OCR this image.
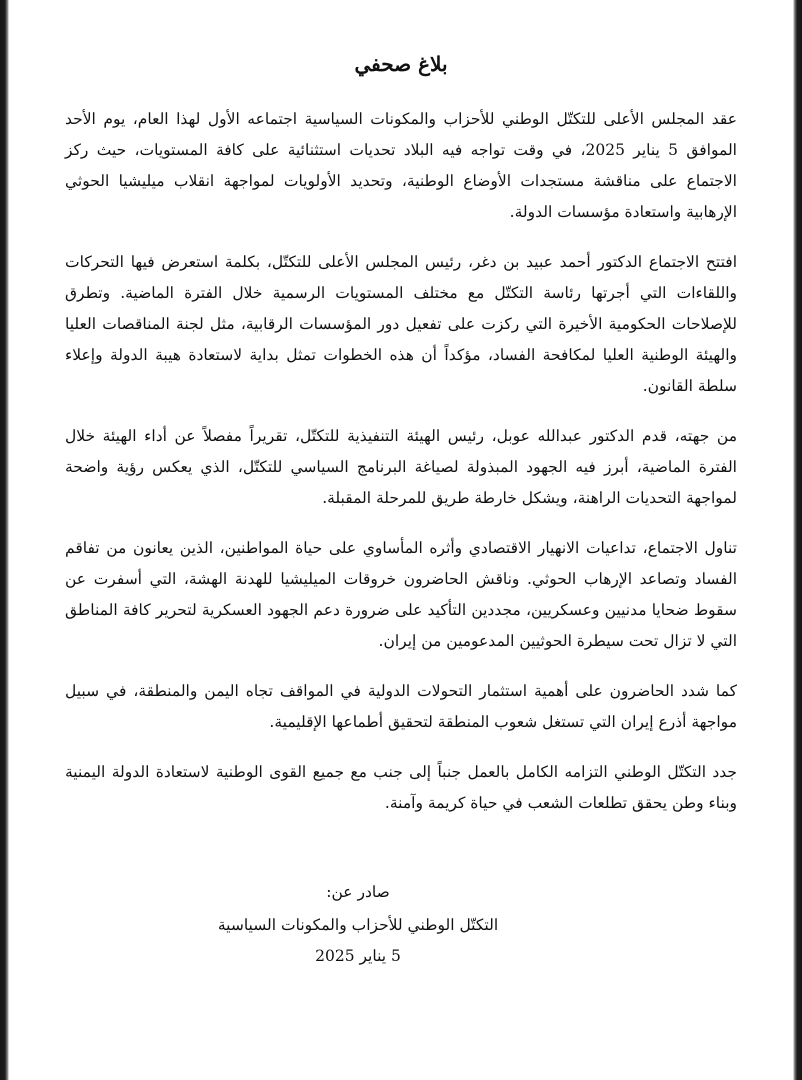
بلاغ صحفي

عقد المجلس الأعلى للتكتّل الوطني للأحزاب والمكونات السياسية اجتماعه الأول لهذا العام، يوم الأحد الموافق 5 يناير 2025، في وقت تواجه فيه البلاد تحديات استثنائية على كافة المستويات، حيث ركز الاجتماع على مناقشة مستجدات الأوضاع الوطنية، وتحديد الأولويات لمواجهة انقلاب ميليشيا الحوثي الإرهابية واستعادة مؤسسات الدولة.

افتتح الاجتماع الدكتور أحمد عبيد بن دغر، رئيس المجلس الأعلى للتكتّل، بكلمة استعرض فيها التحركات واللقاءات التي أجرتها رئاسة التكتّل مع مختلف المستويات الرسمية خلال الفترة الماضية. وتطرق للإصلاحات الحكومية الأخيرة التي ركزت على تفعيل دور المؤسسات الرقابية، مثل لجنة المناقصات العليا والهيئة الوطنية العليا لمكافحة الفساد، مؤكداً أن هذه الخطوات تمثل بداية لاستعادة هيبة الدولة وإعلاء سلطة القانون.

من جهته، قدم الدكتور عبدالله عوبل، رئيس الهيئة التنفيذية للتكتّل، تقريراً مفصلاً عن أداء الهيئة خلال الفترة الماضية، أبرز فيه الجهود المبذولة لصياغة البرنامج السياسي للتكتّل، الذي يعكس رؤية واضحة لمواجهة التحديات الراهنة، ويشكل خارطة طريق للمرحلة المقبلة.

تناول الاجتماع، تداعيات الانهيار الاقتصادي وأثره المأساوي على حياة المواطنين، الذين يعانون من تفاقم الفساد وتصاعد الإرهاب الحوثي. وناقش الحاضرون خروقات الميليشيا للهدنة الهشة، التي أسفرت عن سقوط ضحايا مدنيين وعسكريين، مجددين التأكيد على ضرورة دعم الجهود العسكرية لتحرير كافة المناطق التي لا تزال تحت سيطرة الحوثيين المدعومين من إيران.

كما شدد الحاضرون على أهمية استثمار التحولات الدولية في المواقف تجاه اليمن والمنطقة، في سبيل مواجهة أذرع إيران التي تستغل شعوب المنطقة لتحقيق أطماعها الإقليمية.

جدد التكتّل الوطني التزامه الكامل بالعمل جنباً إلى جنب مع جميع القوى الوطنية لاستعادة الدولة اليمنية وبناء وطن يحقق تطلعات الشعب في حياة كريمة وآمنة.

صادر عن:

التكتّل الوطني للأحزاب والمكونات السياسية

5 يناير 2025
